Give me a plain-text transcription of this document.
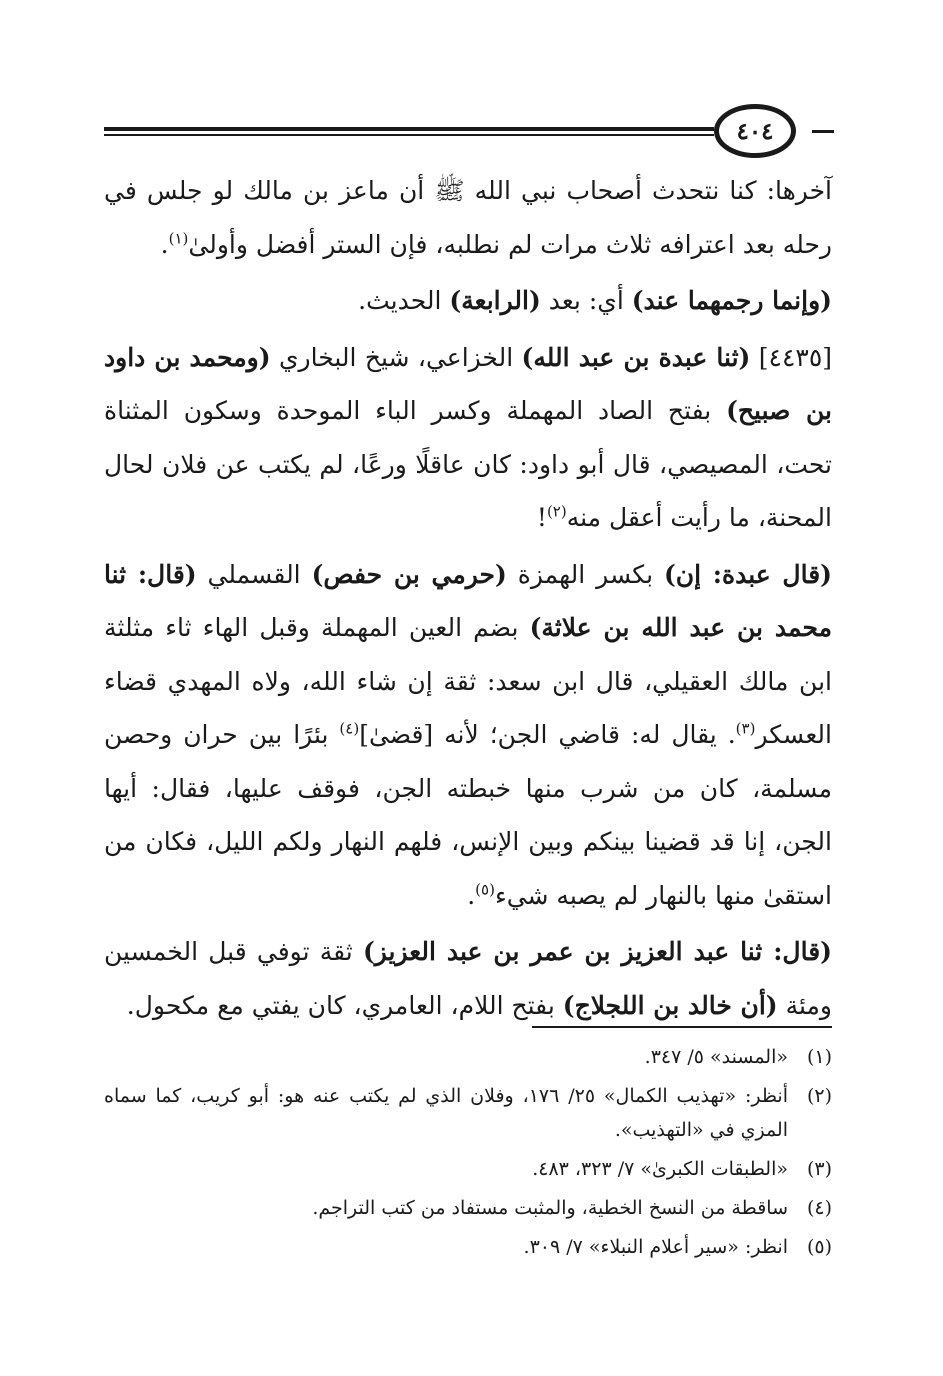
٤٠٤

آخرها: كنا نتحدث أصحاب نبي الله ﷺ أن ماعز بن مالك لو جلس في رحله بعد اعترافه ثلاث مرات لم نطلبه، فإن الستر أفضل وأولىٰ$^{(١)}$.

(وإنما رجمهما عند) أي: بعد (الرابعة) الحديث.

[٤٤٣٥] (ثنا عبدة بن عبد الله) الخزاعي، شيخ البخاري (ومحمد بن داود بن صبيح) بفتح الصاد المهملة وكسر الباء الموحدة وسكون المثناة تحت، المصيصي، قال أبو داود: كان عاقلًا ورعًا، لم يكتب عن فلان لحال المحنة، ما رأيت أعقل منه$^{(٢)}$!

(قال عبدة: إن) بكسر الهمزة (حرمي بن حفص) القسملي (قال: ثنا محمد بن عبد الله بن علاثة) بضم العين المهملة وقبل الهاء ثاء مثلثة ابن مالك العقيلي، قال ابن سعد: ثقة إن شاء الله، ولاه المهدي قضاء العسكر$^{(٣)}$. يقال له: قاضي الجن؛ لأنه [قضىٰ]$^{(٤)}$ بئرًا بين حران وحصن مسلمة، كان من شرب منها خبطته الجن، فوقف عليها، فقال: أيها الجن، إنا قد قضينا بينكم وبين الإنس، فلهم النهار ولكم الليل، فكان من استقىٰ منها بالنهار لم يصبه شيء$^{(٥)}$.

(قال: ثنا عبد العزيز بن عمر بن عبد العزيز) ثقة توفي قبل الخمسين ومئة (أن خالد بن اللجلاج) بفتح اللام، العامري، كان يفتي مع مكحول.

(١)
«المسند» ٥/ ٣٤٧.
(٢)
أنظر: «تهذيب الكمال» ٢٥/ ١٧٦، وفلان الذي لم يكتب عنه هو: أبو كريب، كما سماه المزي في «التهذيب».
(٣)
«الطبقات الكبرىٰ» ٧/ ٣٢٣، ٤٨٣.
(٤)
ساقطة من النسخ الخطية، والمثبت مستفاد من كتب التراجم.
(٥)
انظر: «سير أعلام النبلاء» ٧/ ٣٠٩.
